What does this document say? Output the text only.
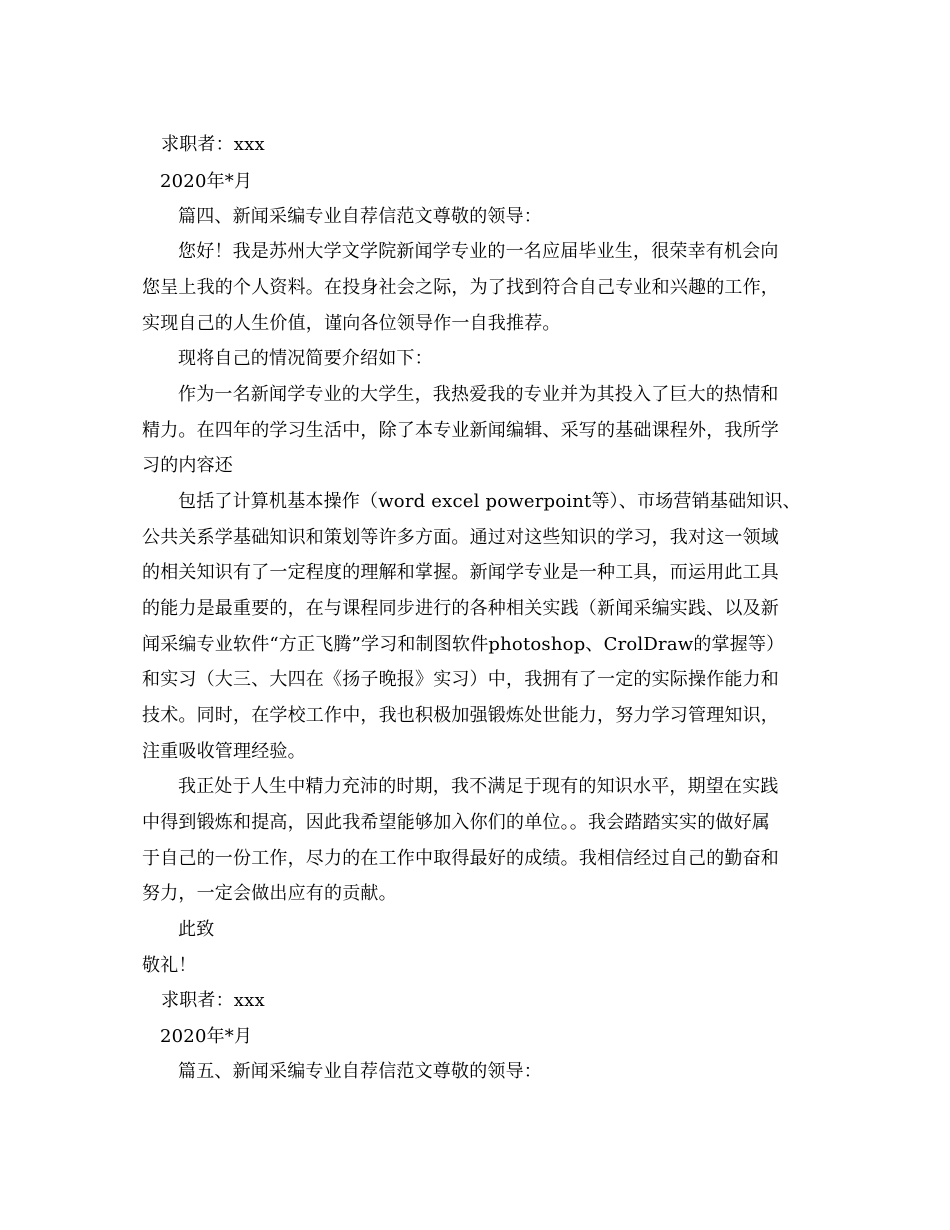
求职者：xxx
2020年*月
篇四、新闻采编专业自荐信范文尊敬的领导：
您好！我是苏州大学文学院新闻学专业的一名应届毕业生，很荣幸有机会向
您呈上我的个人资料。在投身社会之际，为了找到符合自己专业和兴趣的工作，
实现自己的人生价值，谨向各位领导作一自我推荐。
现将自己的情况简要介绍如下：
作为一名新闻学专业的大学生，我热爱我的专业并为其投入了巨大的热情和
精力。在四年的学习生活中，除了本专业新闻编辑、采写的基础课程外，我所学
习的内容还
包括了计算机基本操作（word excel powerpoint等）、市场营销基础知识、
公共关系学基础知识和策划等许多方面。通过对这些知识的学习，我对这一领域
的相关知识有了一定程度的理解和掌握。新闻学专业是一种工具，而运用此工具
的能力是最重要的，在与课程同步进行的各种相关实践（新闻采编实践、以及新
闻采编专业软件“方正飞腾”学习和制图软件photoshop、CrolDraw的掌握等）
和实习（大三、大四在《扬子晚报》实习）中，我拥有了一定的实际操作能力和
技术。同时，在学校工作中，我也积极加强锻炼处世能力，努力学习管理知识，
注重吸收管理经验。
我正处于人生中精力充沛的时期，我不满足于现有的知识水平，期望在实践
中得到锻炼和提高，因此我希望能够加入你们的单位。。我会踏踏实实的做好属
于自己的一份工作，尽力的在工作中取得最好的成绩。我相信经过自己的勤奋和
努力，一定会做出应有的贡献。
此致
敬礼！
求职者：xxx
2020年*月
篇五、新闻采编专业自荐信范文尊敬的领导：
